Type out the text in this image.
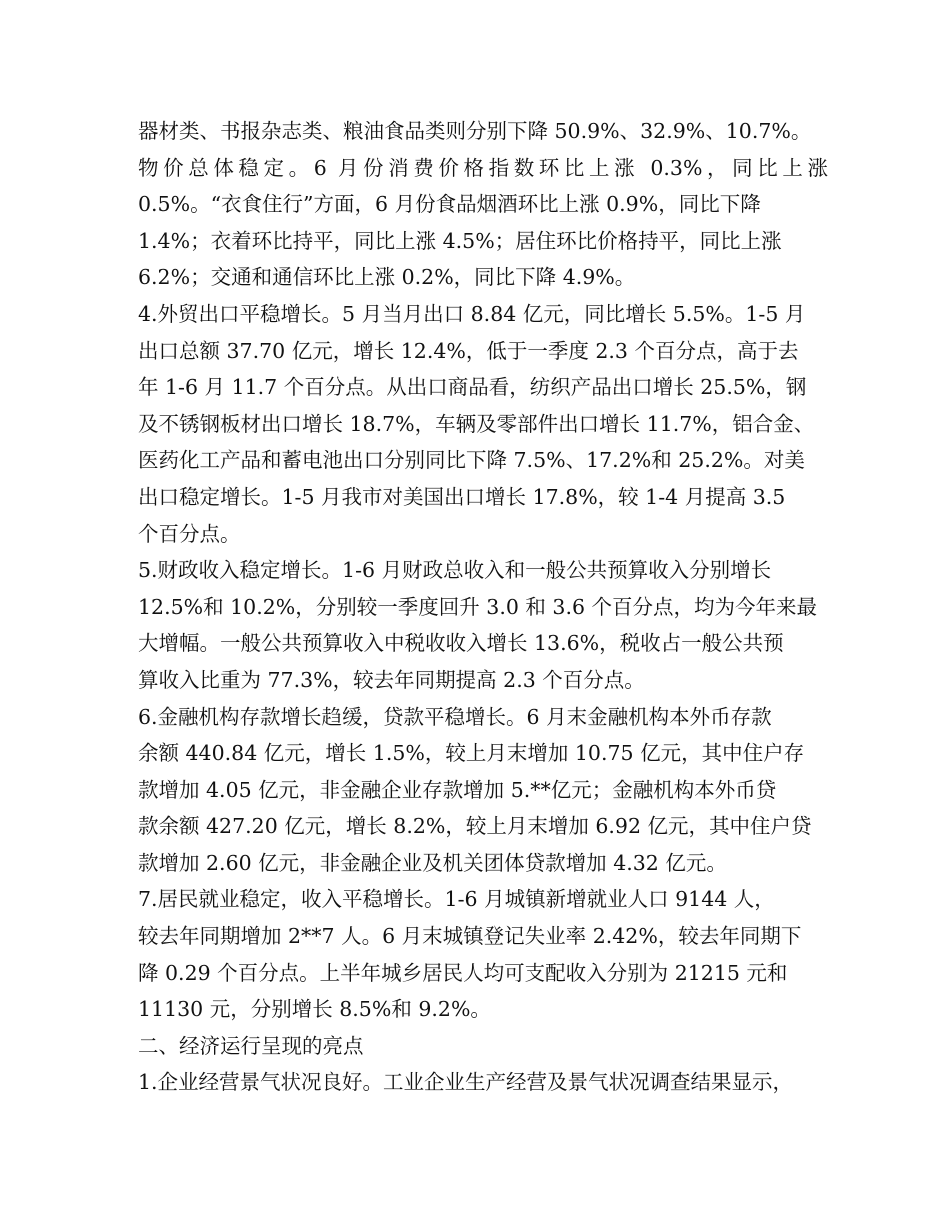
器材类、书报杂志类、粮油食品类则分别下降 50.9%、32.9%、10.7%。
物价总体稳定。6 月份消费价格指数环比上涨 0.3%，同比上涨
0.5%。“衣食住行”方面，6 月份食品烟酒环比上涨 0.9%，同比下降
1.4%；衣着环比持平，同比上涨 4.5%；居住环比价格持平，同比上涨
6.2%；交通和通信环比上涨 0.2%，同比下降 4.9%。
4.外贸出口平稳增长。5 月当月出口 8.84 亿元，同比增长 5.5%。1-5 月
出口总额 37.70 亿元，增长 12.4%，低于一季度 2.3 个百分点，高于去
年 1-6 月 11.7 个百分点。从出口商品看，纺织产品出口增长 25.5%，钢
及不锈钢板材出口增长 18.7%，车辆及零部件出口增长 11.7%，铝合金、
医药化工产品和蓄电池出口分别同比下降 7.5%、17.2%和 25.2%。对美
出口稳定增长。1-5 月我市对美国出口增长 17.8%，较 1-4 月提高 3.5
个百分点。
5.财政收入稳定增长。1-6 月财政总收入和一般公共预算收入分别增长
12.5%和 10.2%，分别较一季度回升 3.0 和 3.6 个百分点，均为今年来最
大增幅。一般公共预算收入中税收收入增长 13.6%，税收占一般公共预
算收入比重为 77.3%，较去年同期提高 2.3 个百分点。
6.金融机构存款增长趋缓，贷款平稳增长。6 月末金融机构本外币存款
余额 440.84 亿元，增长 1.5%，较上月末增加 10.75 亿元，其中住户存
款增加 4.05 亿元，非金融企业存款增加 5.**亿元；金融机构本外币贷
款余额 427.20 亿元，增长 8.2%，较上月末增加 6.92 亿元，其中住户贷
款增加 2.60 亿元，非金融企业及机关团体贷款增加 4.32 亿元。
7.居民就业稳定，收入平稳增长。1-6 月城镇新增就业人口 9144 人，
较去年同期增加 2**7 人。6 月末城镇登记失业率 2.42%，较去年同期下
降 0.29 个百分点。上半年城乡居民人均可支配收入分别为 21215 元和
11130 元，分别增长 8.5%和 9.2%。
二、经济运行呈现的亮点
1.企业经营景气状况良好。工业企业生产经营及景气状况调查结果显示，
